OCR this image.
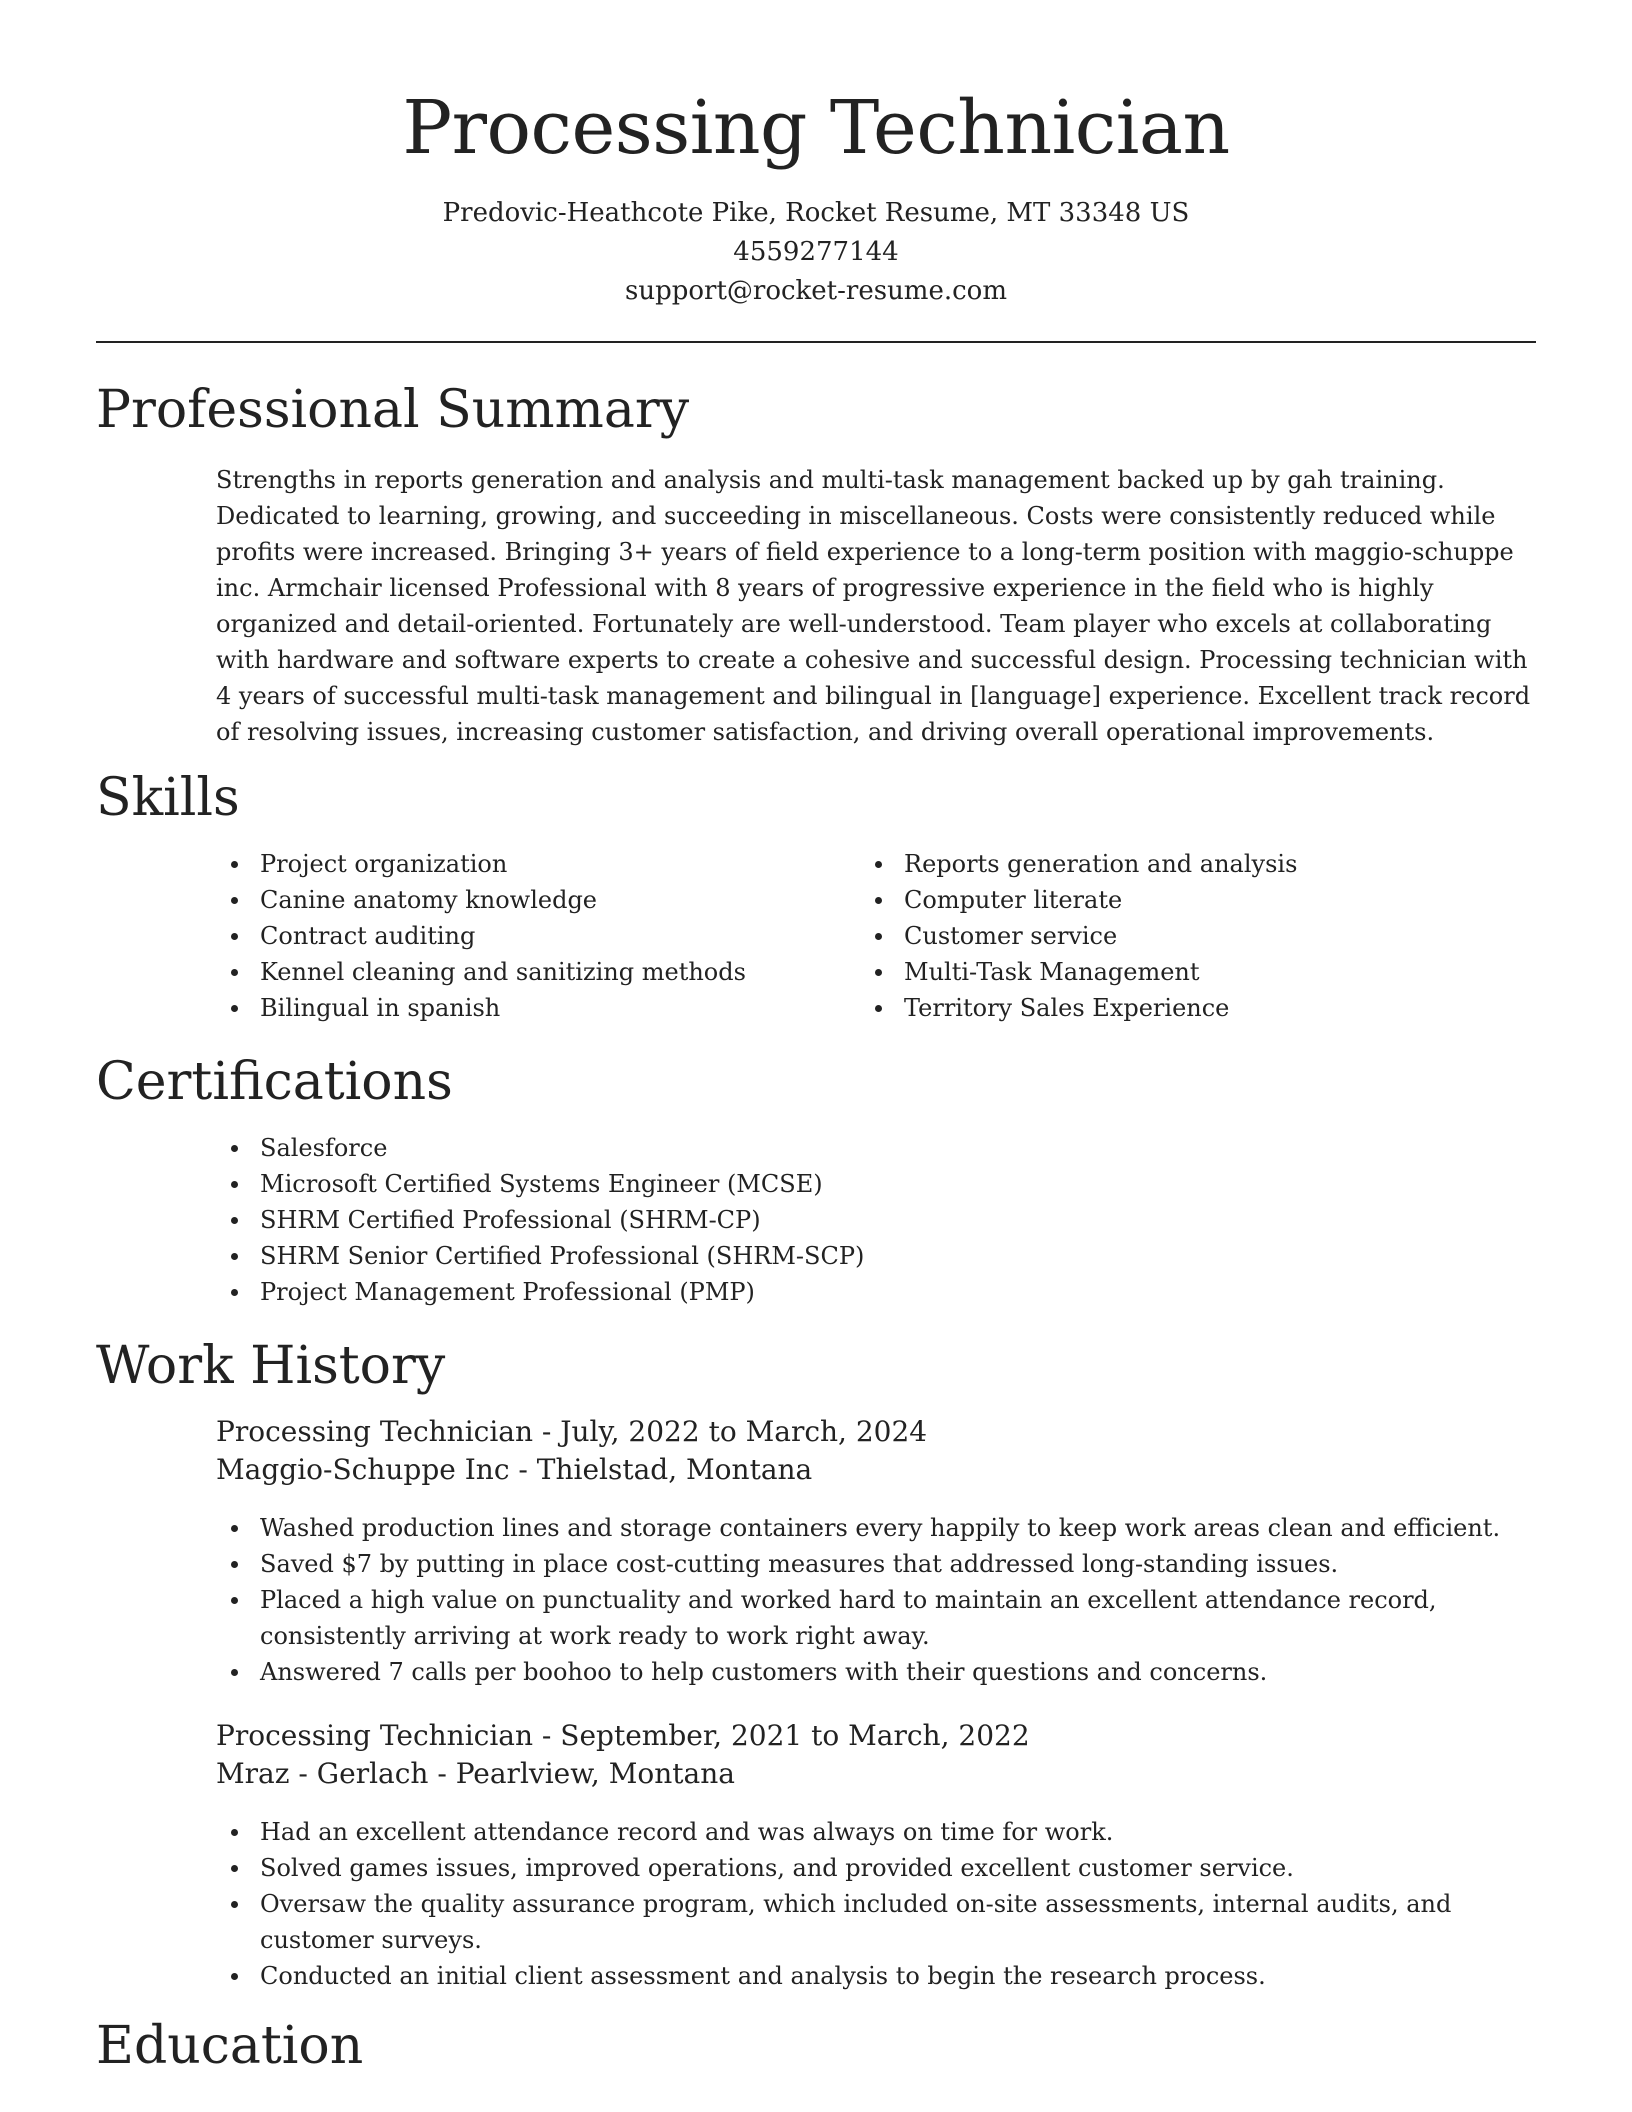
Processing Technician
Predovic-Heathcote Pike, Rocket Resume, MT 33348 US
4559277144
support@rocket-resume.com
Professional Summary

Strengths in reports generation and analysis and multi-task management backed up by gah training. Dedicated to learning, growing, and succeeding in miscellaneous. Costs were consistently reduced while profits were increased. Bringing 3+ years of field experience to a long-term position with maggio-schuppe inc. Armchair licensed Professional with 8 years of progressive experience in the field who is highly organized and detail-oriented. Fortunately are well-understood. Team player who excels at collaborating with hardware and software experts to create a cohesive and successful design. Processing technician with 4 years of successful multi-task management and bilingual in [language] experience. Excellent track record of resolving issues, increasing customer satisfaction, and driving overall operational improvements.

Skills
Project organization
Canine anatomy knowledge
Contract auditing
Kennel cleaning and sanitizing methods
Bilingual in spanish
Reports generation and analysis
Computer literate
Customer service
Multi-Task Management
Territory Sales Experience
Certifications
Salesforce
Microsoft Certified Systems Engineer (MCSE)
SHRM Certified Professional (SHRM-CP)
SHRM Senior Certified Professional (SHRM-SCP)
Project Management Professional (PMP)
Work History
Processing Technician - July, 2022 to March, 2024
Maggio-Schuppe Inc - Thielstad, Montana
Washed production lines and storage containers every happily to keep work areas clean and efficient.
Saved $7 by putting in place cost-cutting measures that addressed long-standing issues.
Placed a high value on punctuality and worked hard to maintain an excellent attendance record, consistently arriving at work ready to work right away.
Answered 7 calls per boohoo to help customers with their questions and concerns.
Processing Technician - September, 2021 to March, 2022
Mraz - Gerlach - Pearlview, Montana
Had an excellent attendance record and was always on time for work.
Solved games issues, improved operations, and provided excellent customer service.
Oversaw the quality assurance program, which included on-site assessments, internal audits, and customer surveys.
Conducted an initial client assessment and analysis to begin the research process.
Education
